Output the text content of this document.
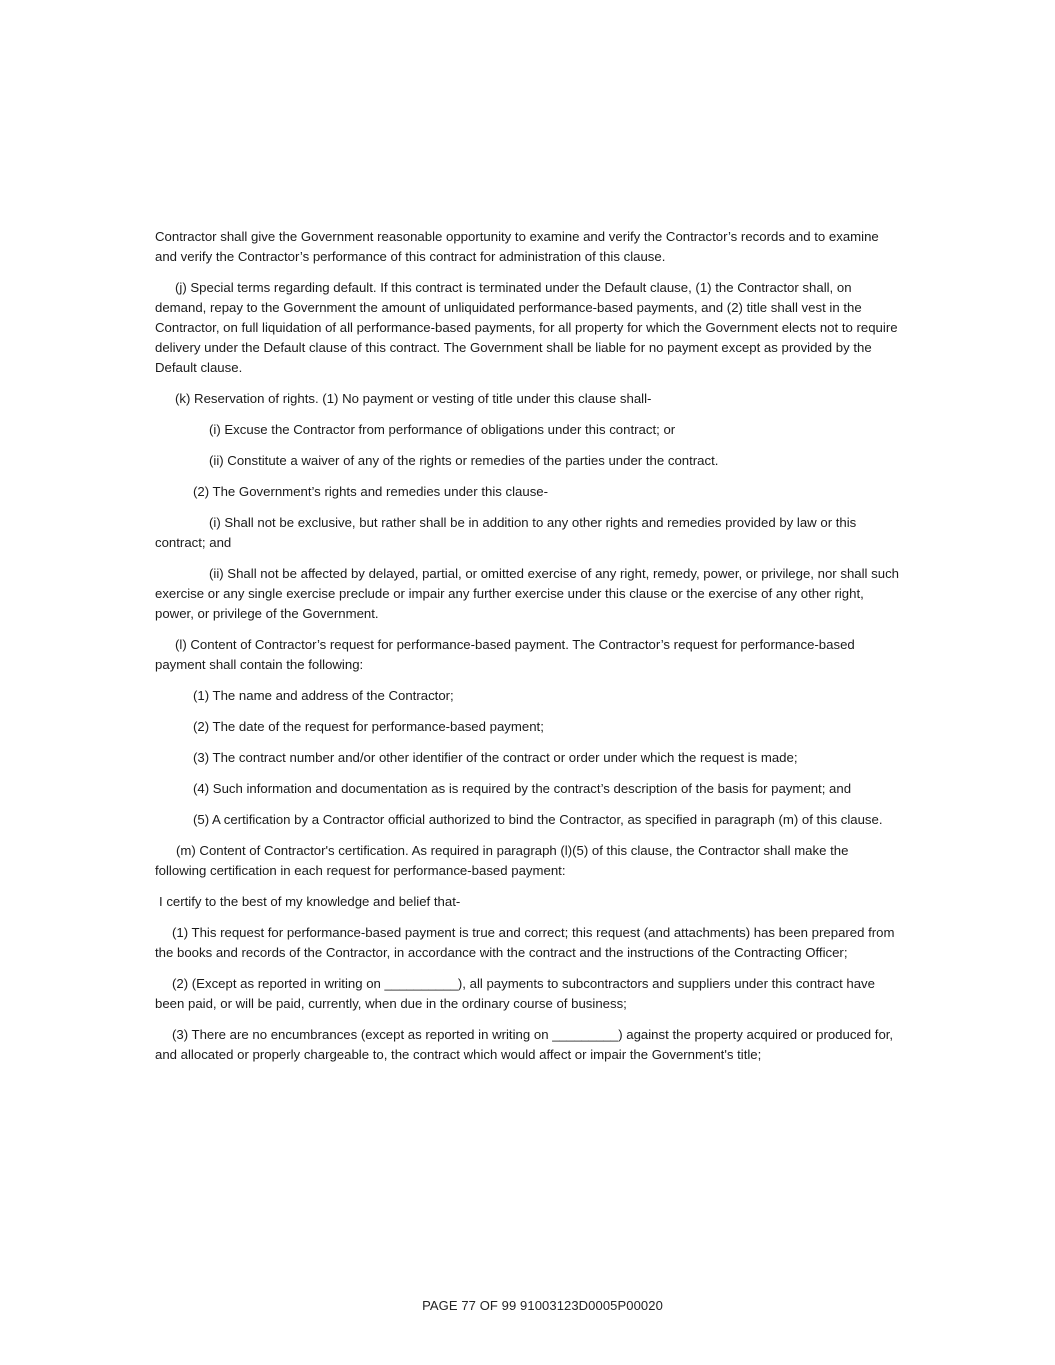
Contractor shall give the Government reasonable opportunity to examine and verify the Contractor’s records and to examine and verify the Contractor’s performance of this contract for administration of this clause.

(j) Special terms regarding default. If this contract is terminated under the Default clause, (1) the Contractor shall, on demand, repay to the Government the amount of unliquidated performance-based payments, and (2) title shall vest in the Contractor, on full liquidation of all performance-based payments, for all property for which the Government elects not to require delivery under the Default clause of this contract. The Government shall be liable for no payment except as provided by the Default clause.

(k) Reservation of rights. (1) No payment or vesting of title under this clause shall-

(i) Excuse the Contractor from performance of obligations under this contract; or

(ii) Constitute a waiver of any of the rights or remedies of the parties under the contract.

(2) The Government’s rights and remedies under this clause-

(i) Shall not be exclusive, but rather shall be in addition to any other rights and remedies provided by law or this contract; and

(ii) Shall not be affected by delayed, partial, or omitted exercise of any right, remedy, power, or privilege, nor shall such exercise or any single exercise preclude or impair any further exercise under this clause or the exercise of any other right, power, or privilege of the Government.

(l) Content of Contractor’s request for performance-based payment. The Contractor’s request for performance-based payment shall contain the following:

(1) The name and address of the Contractor;

(2) The date of the request for performance-based payment;

(3) The contract number and/or other identifier of the contract or order under which the request is made;

(4) Such information and documentation as is required by the contract’s description of the basis for payment; and

(5) A certification by a Contractor official authorized to bind the Contractor, as specified in paragraph (m) of this clause.

(m) Content of Contractor's certification. As required in paragraph (l)(5) of this clause, the Contractor shall make the following certification in each request for performance-based payment:

I certify to the best of my knowledge and belief that-

(1) This request for performance-based payment is true and correct; this request (and attachments) has been prepared from the books and records of the Contractor, in accordance with the contract and the instructions of the Contracting Officer;

(2) (Except as reported in writing on __________), all payments to subcontractors and suppliers under this contract have been paid, or will be paid, currently, when due in the ordinary course of business;

(3) There are no encumbrances (except as reported in writing on _________) against the property acquired or produced for, and allocated or properly chargeable to, the contract which would affect or impair the Government's title;

PAGE 77 OF 99 91003123D0005P00020
